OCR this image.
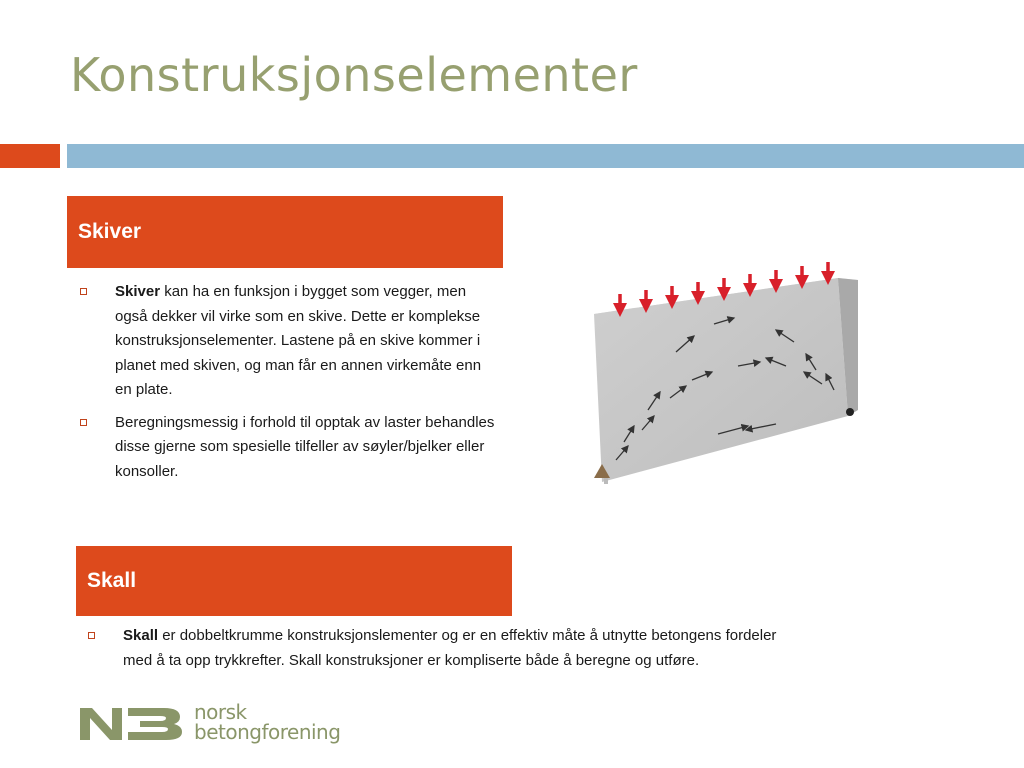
Konstruksjonselementer
Skiver
Skiver kan ha en funksjon i bygget som vegger, men også dekker vil virke som en skive. Dette er komplekse konstruksjonselementer. Lastene på en skive kommer i planet med skiven, og man får en annen virkemåte enn en plate.
Beregningsmessig i forhold til opptak av laster behandles disse gjerne som spesielle tilfeller av søyler/bjelker eller konsoller.
Skall
Skall er dobbeltkrumme konstruksjonslementer og er en effektiv måte å utnytte betongens fordeler med å ta opp trykkrefter. Skall konstruksjoner er kompliserte både å beregne og utføre.
norsk
betongforening
